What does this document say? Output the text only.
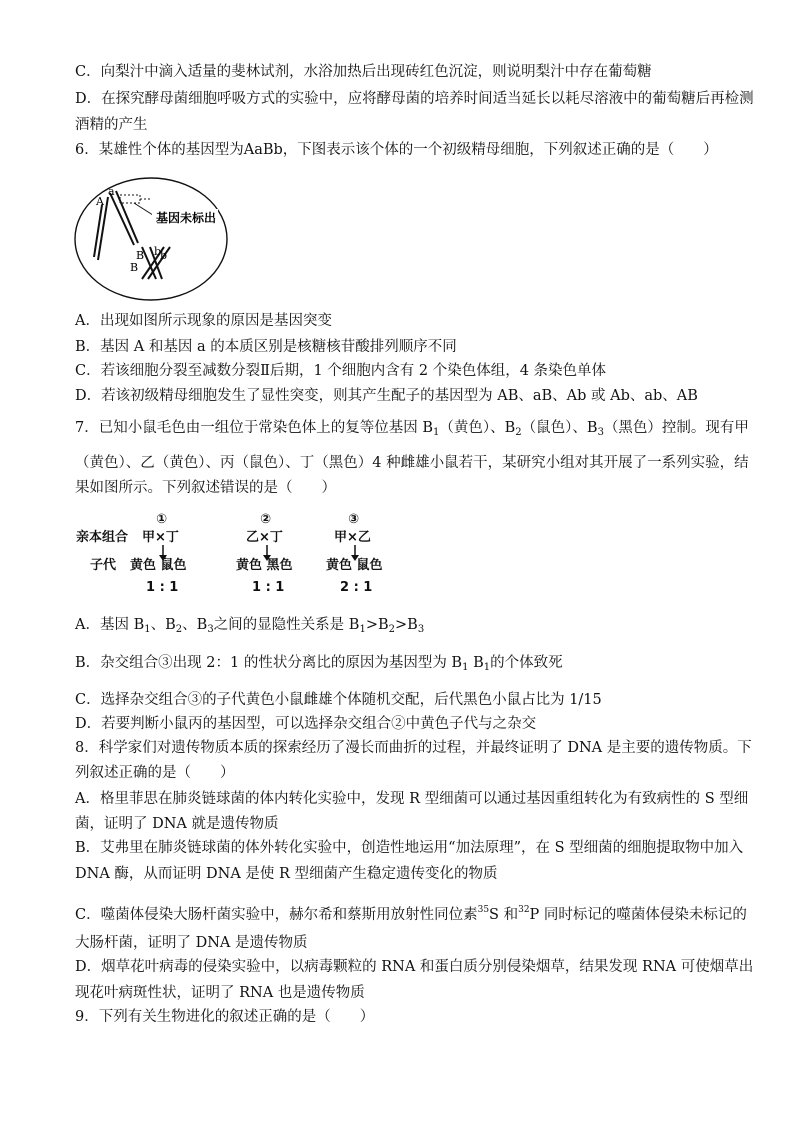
C．向梨汁中滴入适量的斐林试剂，水浴加热后出现砖红色沉淀，则说明梨汁中存在葡萄糖
D．在探究酵母菌细胞呼吸方式的实验中，应将酵母菌的培养时间适当延长以耗尽溶液中的葡萄糖后再检测
酒精的产生
6．某雄性个体的基因型为AaBb，下图表示该个体的一个初级精母细胞，下列叙述正确的是（　　）
A
a
基因未标出
B b
b
B
A．出现如图所示现象的原因是基因突变
B．基因 A 和基因 a 的本质区别是核糖核苷酸排列顺序不同
C．若该细胞分裂至减数分裂Ⅱ后期，1 个细胞内含有 2 个染色体组，4 条染色单体
D．若该初级精母细胞发生了显性突变，则其产生配子的基因型为 AB、aB、Ab 或 Ab、ab、AB
7．已知小鼠毛色由一组位于常染色体上的复等位基因 $B_1$（黄色）、$B_2$（鼠色）、$B_3$（黑色）控制。现有甲
（黄色）、乙（黄色）、丙（鼠色）、丁（黑色）4 种雌雄小鼠若干，某研究小组对其开展了一系列实验，结
果如图所示。下列叙述错误的是（　　）
亲本组合
子代
①
甲×丁
黄色 鼠色
1 : 1
②
乙×丁
黄色 黑色
1 : 1
③
甲×乙
黄色 鼠色
2 : 1
A．基因 $B_1$、$B_2$、$B_3$之间的显隐性关系是 $B_1>B_2>B_3$
B．杂交组合③出现 2：1 的性状分离比的原因为基因型为 $B_1$ $B_1$的个体致死
C．选择杂交组合③的子代黄色小鼠雌雄个体随机交配，后代黑色小鼠占比为 1/15
D．若要判断小鼠丙的基因型，可以选择杂交组合②中黄色子代与之杂交
8．科学家们对遗传物质本质的探索经历了漫长而曲折的过程，并最终证明了 DNA 是主要的遗传物质。下
列叙述正确的是（　　）
A．格里菲思在肺炎链球菌的体内转化实验中，发现 R 型细菌可以通过基因重组转化为有致病性的 S 型细
菌，证明了 DNA 就是遗传物质
B．艾弗里在肺炎链球菌的体外转化实验中，创造性地运用“加法原理”，在 S 型细菌的细胞提取物中加入
DNA 酶，从而证明 DNA 是使 R 型细菌产生稳定遗传变化的物质
C．噬菌体侵染大肠杆菌实验中，赫尔希和蔡斯用放射性同位素$^{35}$S 和$^{32}$P 同时标记的噬菌体侵染未标记的
大肠杆菌，证明了 DNA 是遗传物质
D．烟草花叶病毒的侵染实验中，以病毒颗粒的 RNA 和蛋白质分别侵染烟草，结果发现 RNA 可使烟草出
现花叶病斑性状，证明了 RNA 也是遗传物质
9．下列有关生物进化的叙述正确的是（　　）
